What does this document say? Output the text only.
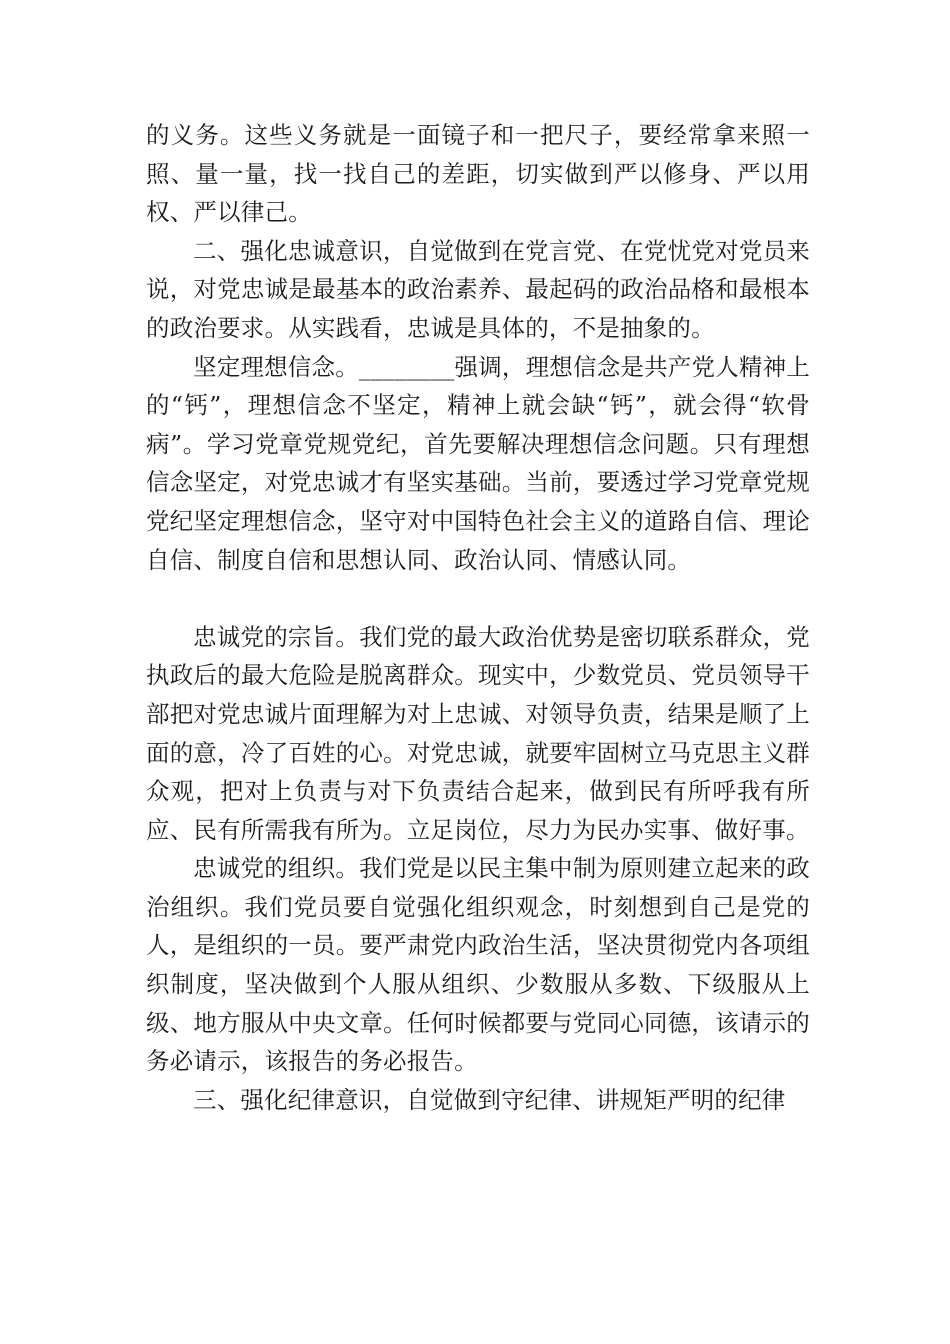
的义务。这些义务就是一面镜子和一把尺子，要经常拿来照一照、量一量，找一找自己的差距，切实做到严以修身、严以用权、严以律己。

二、强化忠诚意识，自觉做到在党言党、在党忧党对党员来说，对党忠诚是最基本的政治素养、最起码的政治品格和最根本的政治要求。从实践看，忠诚是具体的，不是抽象的。

坚定理想信念。________强调，理想信念是共产党人精神上的“钙”，理想信念不坚定，精神上就会缺“钙”，就会得“软骨病”。学习党章党规党纪，首先要解决理想信念问题。只有理想信念坚定，对党忠诚才有坚实基础。当前，要透过学习党章党规党纪坚定理想信念，坚守对中国特色社会主义的道路自信、理论自信、制度自信和思想认同、政治认同、情感认同。

忠诚党的宗旨。我们党的最大政治优势是密切联系群众，党执政后的最大危险是脱离群众。现实中，少数党员、党员领导干部把对党忠诚片面理解为对上忠诚、对领导负责，结果是顺了上面的意，冷了百姓的心。对党忠诚，就要牢固树立马克思主义群众观，把对上负责与对下负责结合起来，做到民有所呼我有所应、民有所需我有所为。立足岗位，尽力为民办实事、做好事。

忠诚党的组织。我们党是以民主集中制为原则建立起来的政治组织。我们党员要自觉强化组织观念，时刻想到自己是党的人，是组织的一员。要严肃党内政治生活，坚决贯彻党内各项组织制度，坚决做到个人服从组织、少数服从多数、下级服从上级、地方服从中央文章。任何时候都要与党同心同德，该请示的务必请示，该报告的务必报告。

三、强化纪律意识，自觉做到守纪律、讲规矩严明的纪律
